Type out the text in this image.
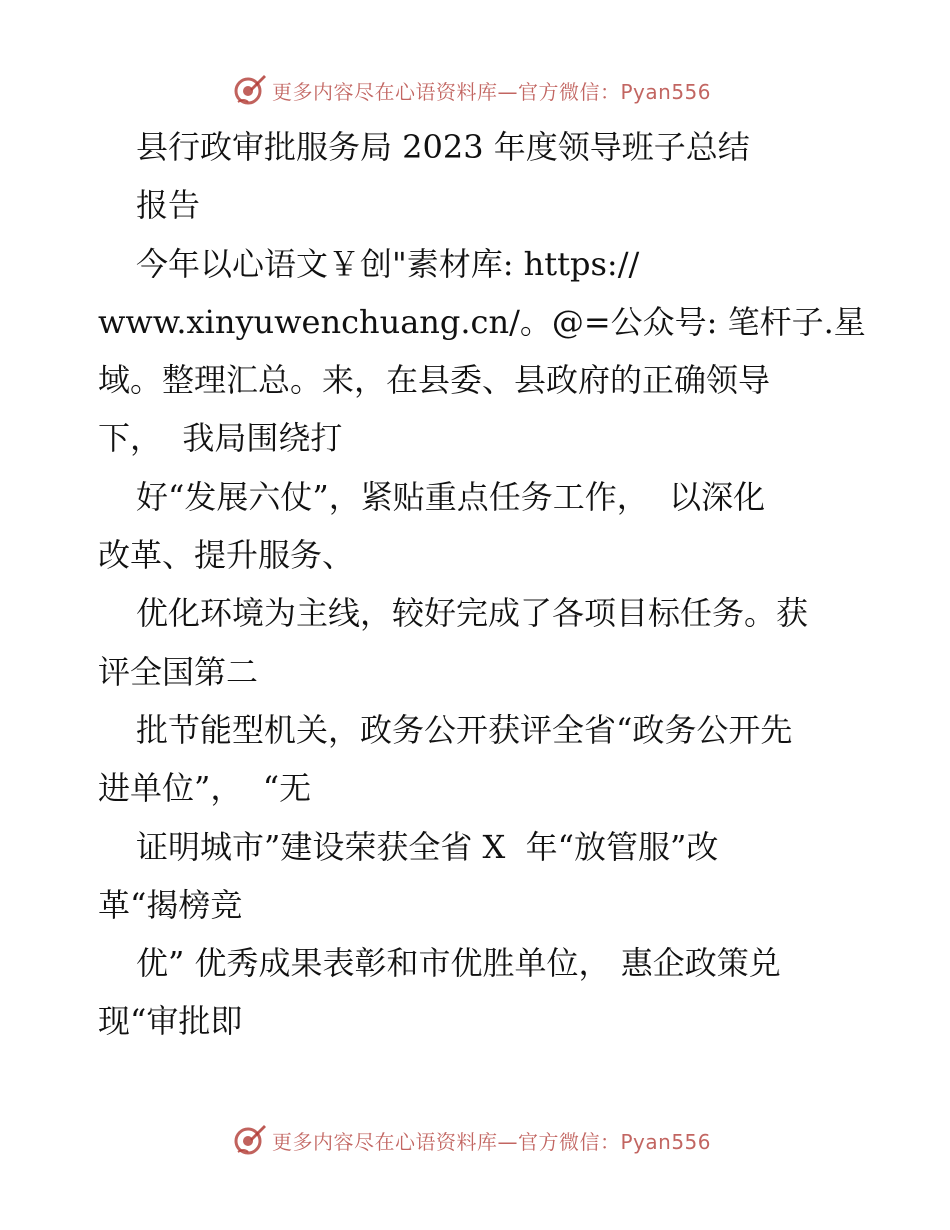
更多内容尽在心语资料库—官方微信：Pyan556
县行政审批服务局 2023 年度领导班子总结
报告
今年以心语文￥创"素材库: https://
www.xinyuwenchuang.cn/。@=公众号: 笔杆子.星
域。整理汇总。来，在县委、县政府的正确领导
下，  我局围绕打
好“发展六仗”，紧贴重点任务工作，  以深化
改革、提升服务、
优化环境为主线，较好完成了各项目标任务。获
评全国第二
批节能型机关，政务公开获评全省“政务公开先
进单位”，  “无
证明城市”建设荣获全省 X  年“放管服”改
革“揭榜竞
优” 优秀成果表彰和市优胜单位， 惠企政策兑
现“审批即
更多内容尽在心语资料库—官方微信：Pyan556
